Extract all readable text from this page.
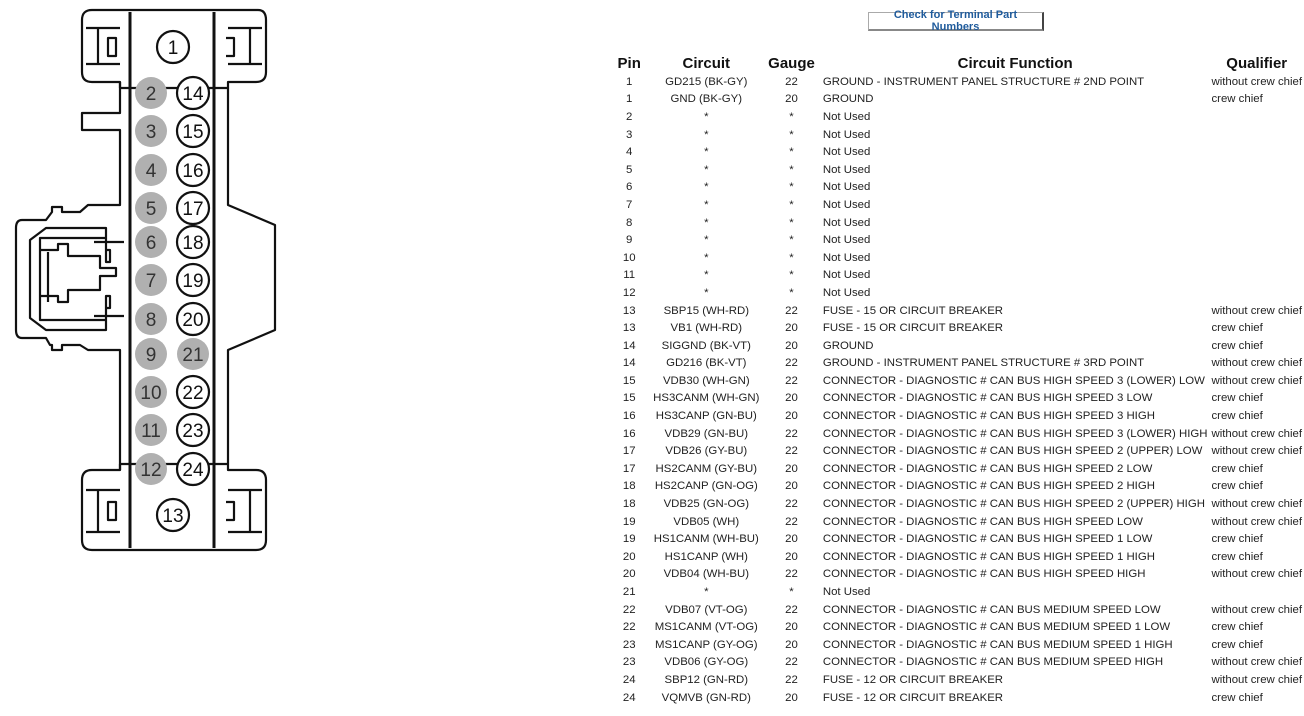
1
2 14
3 15
4 16
5 17
6 18
7 19
8 20
9 21
10 22
11 23
12 24
13
Check for Terminal Part Numbers
Pin	Circuit	Gauge	Circuit Function	Qualifier
1	GD215 (BK-GY)	22	GROUND - INSTRUMENT PANEL STRUCTURE # 2ND POINT	without crew chief
1	GND (BK-GY)	20	GROUND	crew chief
2	*	*	Not Used	
3	*	*	Not Used	
4	*	*	Not Used	
5	*	*	Not Used	
6	*	*	Not Used	
7	*	*	Not Used	
8	*	*	Not Used	
9	*	*	Not Used	
10	*	*	Not Used	
11	*	*	Not Used	
12	*	*	Not Used	
13	SBP15 (WH-RD)	22	FUSE - 15 OR CIRCUIT BREAKER	without crew chief
13	VB1 (WH-RD)	20	FUSE - 15 OR CIRCUIT BREAKER	crew chief
14	SIGGND (BK-VT)	20	GROUND	crew chief
14	GD216 (BK-VT)	22	GROUND - INSTRUMENT PANEL STRUCTURE # 3RD POINT	without crew chief
15	VDB30 (WH-GN)	22	CONNECTOR - DIAGNOSTIC # CAN BUS HIGH SPEED 3 (LOWER) LOW	without crew chief
15	HS3CANM (WH-GN)	20	CONNECTOR - DIAGNOSTIC # CAN BUS HIGH SPEED 3 LOW	crew chief
16	HS3CANP (GN-BU)	20	CONNECTOR - DIAGNOSTIC # CAN BUS HIGH SPEED 3 HIGH	crew chief
16	VDB29 (GN-BU)	22	CONNECTOR - DIAGNOSTIC # CAN BUS HIGH SPEED 3 (LOWER) HIGH	without crew chief
17	VDB26 (GY-BU)	22	CONNECTOR - DIAGNOSTIC # CAN BUS HIGH SPEED 2 (UPPER) LOW	without crew chief
17	HS2CANM (GY-BU)	20	CONNECTOR - DIAGNOSTIC # CAN BUS HIGH SPEED 2 LOW	crew chief
18	HS2CANP (GN-OG)	20	CONNECTOR - DIAGNOSTIC # CAN BUS HIGH SPEED 2 HIGH	crew chief
18	VDB25 (GN-OG)	22	CONNECTOR - DIAGNOSTIC # CAN BUS HIGH SPEED 2 (UPPER) HIGH	without crew chief
19	VDB05 (WH)	22	CONNECTOR - DIAGNOSTIC # CAN BUS HIGH SPEED LOW	without crew chief
19	HS1CANM (WH-BU)	20	CONNECTOR - DIAGNOSTIC # CAN BUS HIGH SPEED 1 LOW	crew chief
20	HS1CANP (WH)	20	CONNECTOR - DIAGNOSTIC # CAN BUS HIGH SPEED 1 HIGH	crew chief
20	VDB04 (WH-BU)	22	CONNECTOR - DIAGNOSTIC # CAN BUS HIGH SPEED HIGH	without crew chief
21	*	*	Not Used	
22	VDB07 (VT-OG)	22	CONNECTOR - DIAGNOSTIC # CAN BUS MEDIUM SPEED LOW	without crew chief
22	MS1CANM (VT-OG)	20	CONNECTOR - DIAGNOSTIC # CAN BUS MEDIUM SPEED 1 LOW	crew chief
23	MS1CANP (GY-OG)	20	CONNECTOR - DIAGNOSTIC # CAN BUS MEDIUM SPEED 1 HIGH	crew chief
23	VDB06 (GY-OG)	22	CONNECTOR - DIAGNOSTIC # CAN BUS MEDIUM SPEED HIGH	without crew chief
24	SBP12 (GN-RD)	22	FUSE - 12 OR CIRCUIT BREAKER	without crew chief
24	VQMVB (GN-RD)	20	FUSE - 12 OR CIRCUIT BREAKER	crew chief
